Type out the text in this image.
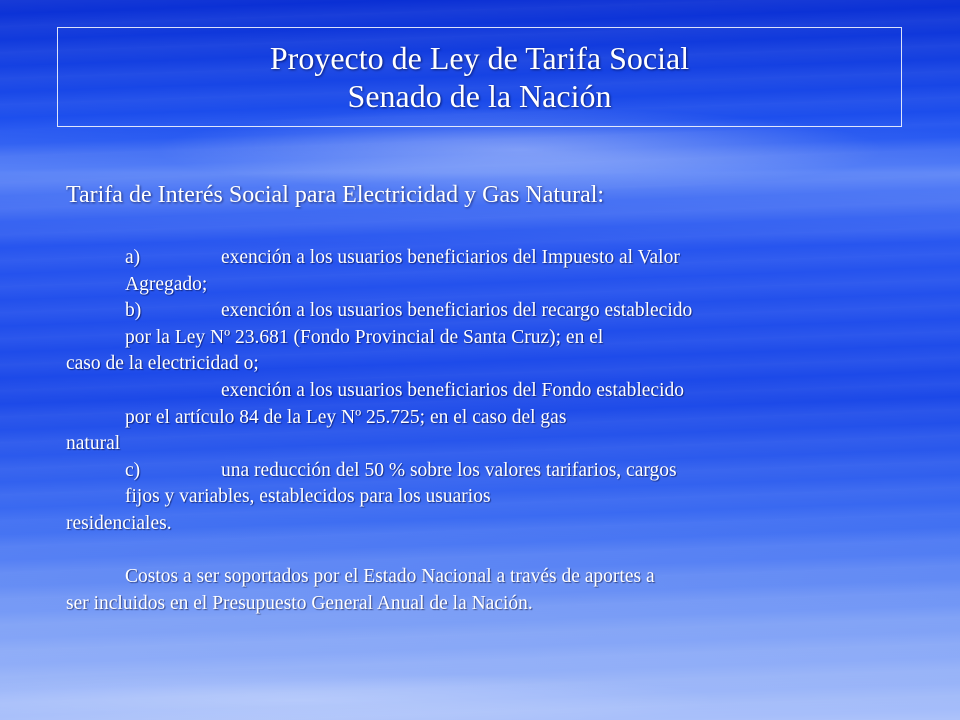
Proyecto de Ley de Tarifa Social

Senado de la Nación

Tarifa de Interés Social para Electricidad y Gas Natural:
a)	exención a los usuarios beneficiarios del Impuesto al Valor
Agregado;
b)	exención a los usuarios beneficiarios del recargo establecido
por la Ley Nº 23.681 (Fondo Provincial de Santa Cruz); en el
caso de la electricidad o;
exención a los usuarios beneficiarios del Fondo establecido
por el artículo 84 de la Ley Nº 25.725; en el caso del gas
natural
c)	una reducción del 50 % sobre los valores tarifarios, cargos
fijos y variables, establecidos para los usuarios
residenciales.
Costos a ser soportados por el Estado Nacional a través de aportes a
ser incluidos en el Presupuesto General Anual de la Nación.
